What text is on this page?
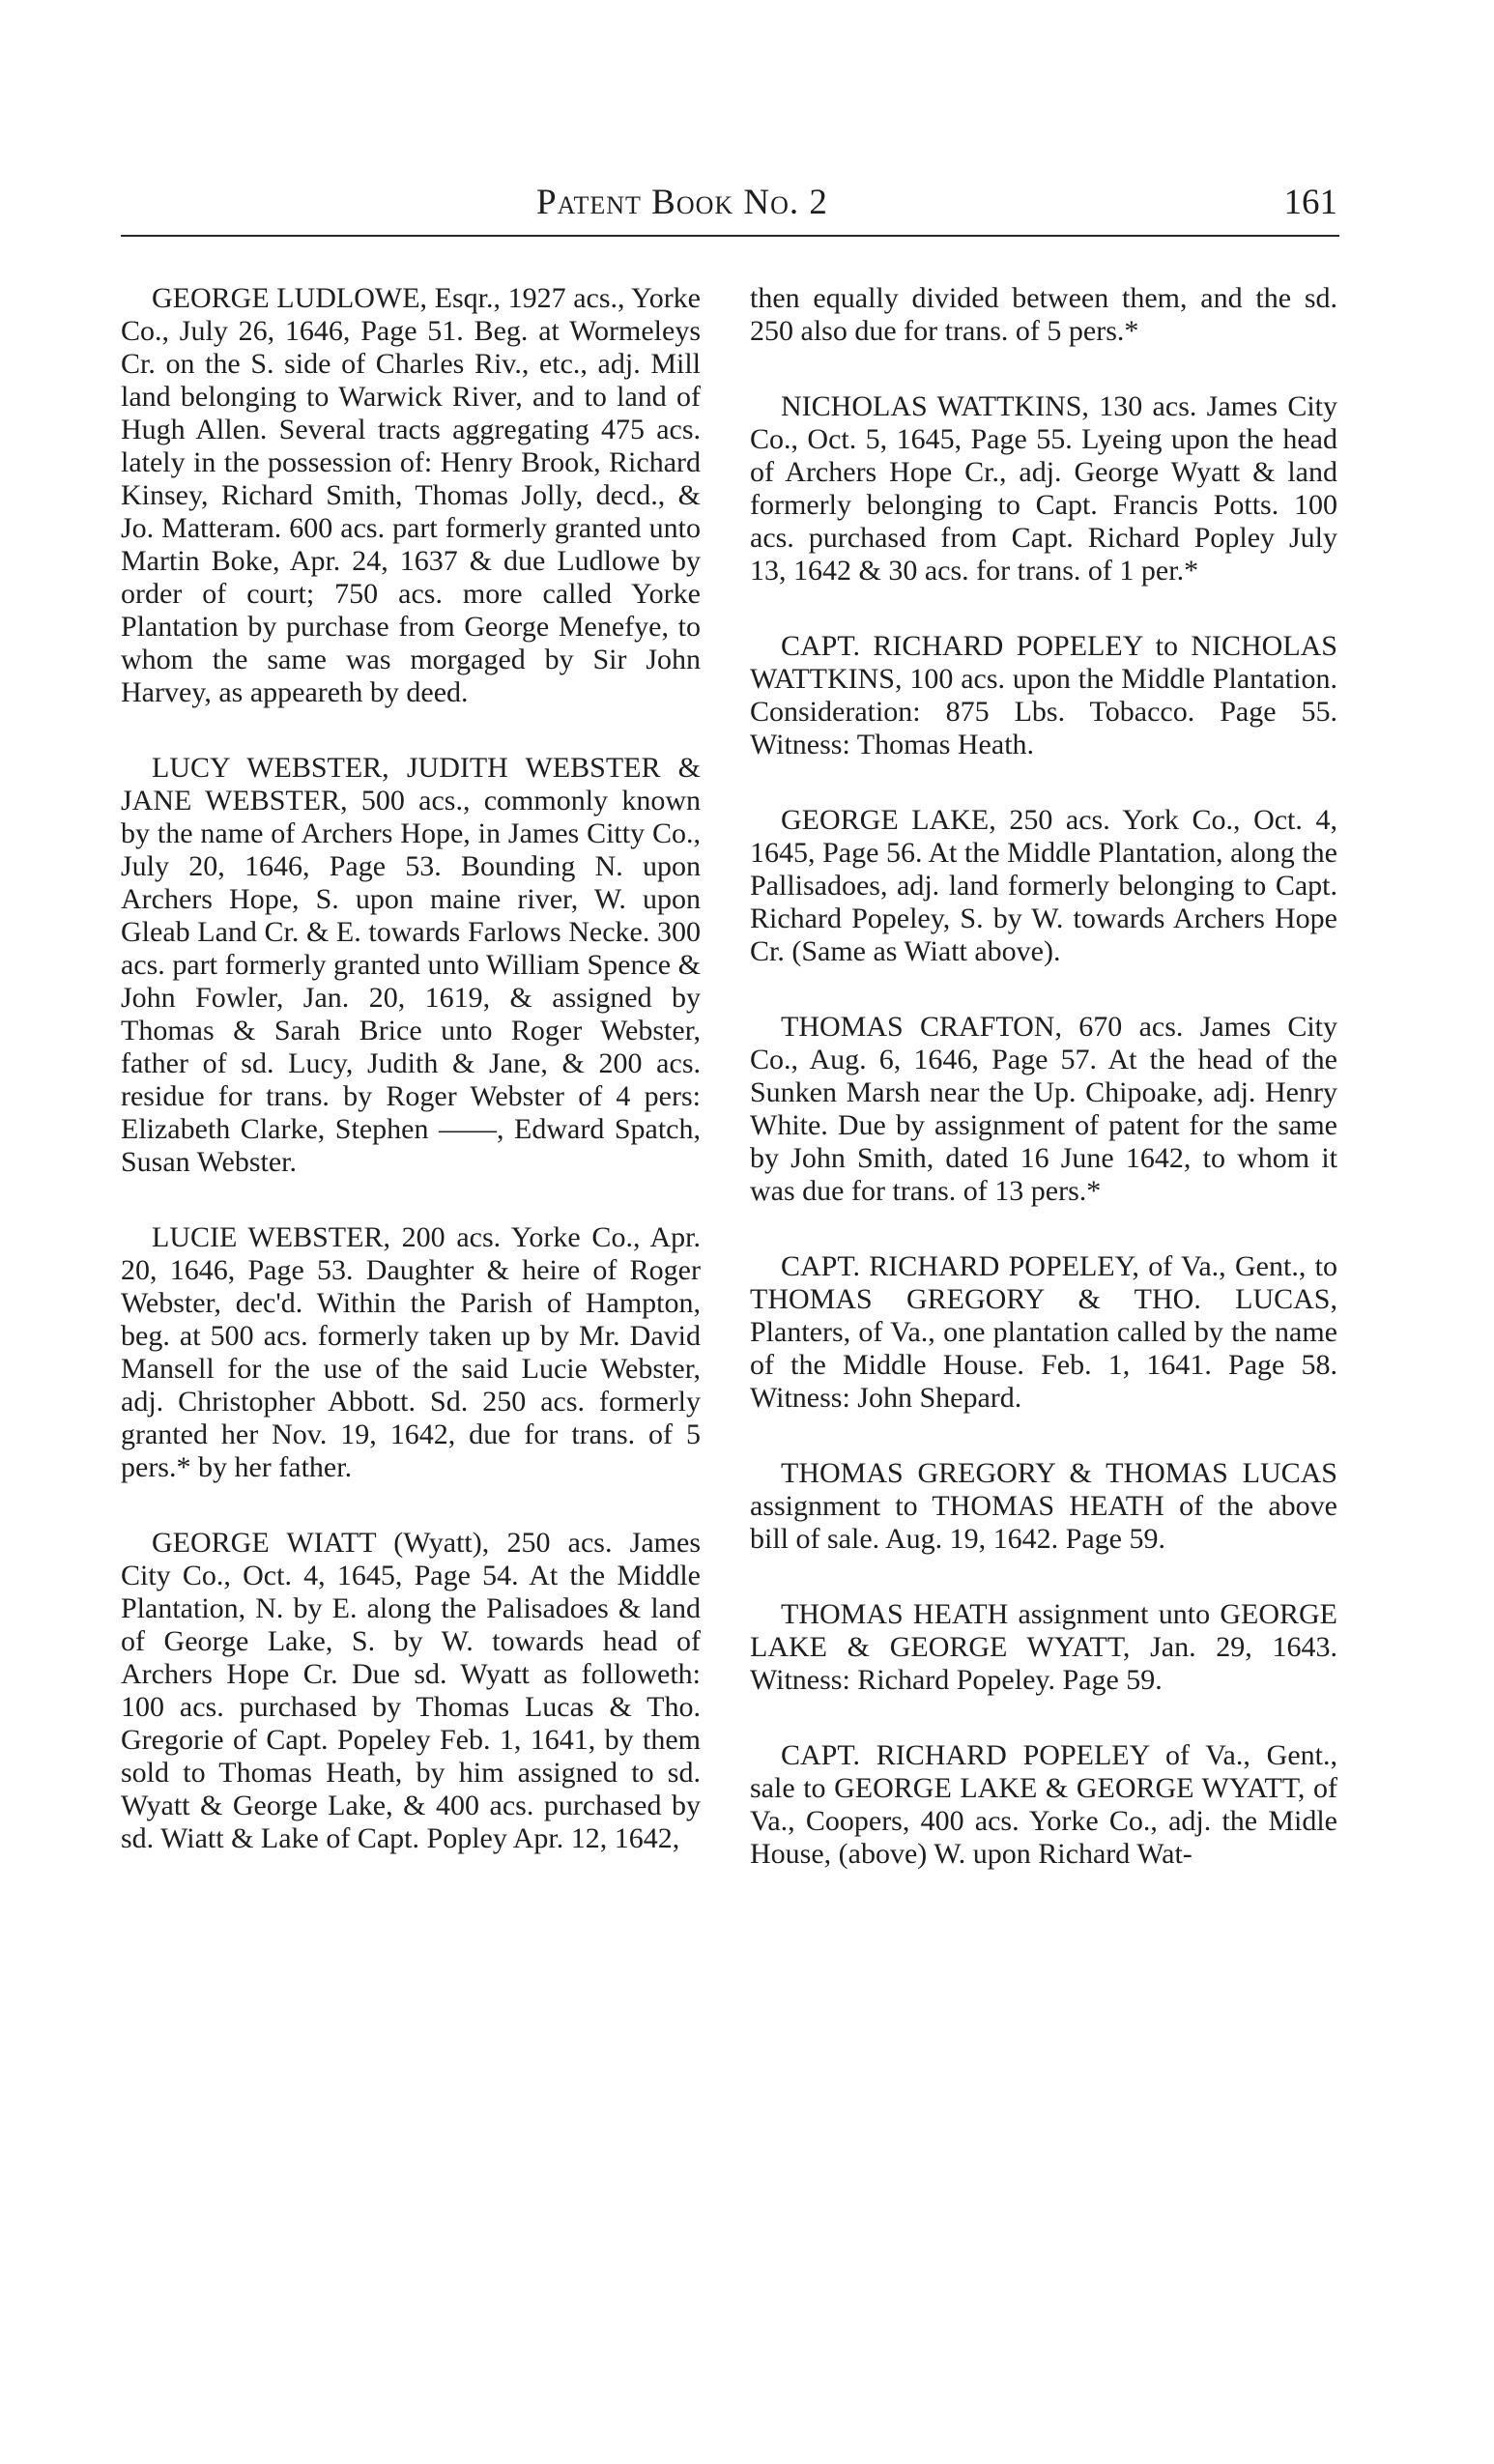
Patent Book No. 2	161

GEORGE LUDLOWE, Esqr., 1927 acs., Yorke Co., July 26, 1646, Page 51. Beg. at Wormeleys Cr. on the S. side of Charles Riv., etc., adj. Mill land belonging to Warwick River, and to land of Hugh Allen. Several tracts aggregating 475 acs. lately in the possession of: Henry Brook, Richard Kinsey, Richard Smith, Thomas Jolly, decd., & Jo. Matteram. 600 acs. part formerly granted unto Martin Boke, Apr. 24, 1637 & due Ludlowe by order of court; 750 acs. more called Yorke Plantation by purchase from George Menefye, to whom the same was morgaged by Sir John Harvey, as appeareth by deed.

LUCY WEBSTER, JUDITH WEBSTER & JANE WEBSTER, 500 acs., commonly known by the name of Archers Hope, in James Citty Co., July 20, 1646, Page 53. Bounding N. upon Archers Hope, S. upon maine river, W. upon Gleab Land Cr. & E. towards Farlows Necke. 300 acs. part formerly granted unto William Spence & John Fowler, Jan. 20, 1619, & assigned by Thomas & Sarah Brice unto Roger Webster, father of sd. Lucy, Judith & Jane, & 200 acs. residue for trans. by Roger Webster of 4 pers: Elizabeth Clarke, Stephen ——, Edward Spatch, Susan Webster.

LUCIE WEBSTER, 200 acs. Yorke Co., Apr. 20, 1646, Page 53. Daughter & heire of Roger Webster, dec'd. Within the Parish of Hampton, beg. at 500 acs. formerly taken up by Mr. David Mansell for the use of the said Lucie Webster, adj. Christopher Abbott. Sd. 250 acs. formerly granted her Nov. 19, 1642, due for trans. of 5 pers.* by her father.

GEORGE WIATT (Wyatt), 250 acs. James City Co., Oct. 4, 1645, Page 54. At the Middle Plantation, N. by E. along the Palisadoes & land of George Lake, S. by W. towards head of Archers Hope Cr. Due sd. Wyatt as followeth: 100 acs. purchased by Thomas Lucas & Tho. Gregorie of Capt. Popeley Feb. 1, 1641, by them sold to Thomas Heath, by him assigned to sd. Wyatt & George Lake, & 400 acs. purchased by sd. Wiatt & Lake of Capt. Popley Apr. 12, 1642,

then equally divided between them, and the sd. 250 also due for trans. of 5 pers.*

NICHOLAS WATTKINS, 130 acs. James City Co., Oct. 5, 1645, Page 55. Lyeing upon the head of Archers Hope Cr., adj. George Wyatt & land formerly belonging to Capt. Francis Potts. 100 acs. purchased from Capt. Richard Popley July 13, 1642 & 30 acs. for trans. of 1 per.*

CAPT. RICHARD POPELEY to NICHOLAS WATTKINS, 100 acs. upon the Middle Plantation. Consideration: 875 Lbs. Tobacco. Page 55. Witness: Thomas Heath.

GEORGE LAKE, 250 acs. York Co., Oct. 4, 1645, Page 56. At the Middle Plantation, along the Pallisadoes, adj. land formerly belonging to Capt. Richard Popeley, S. by W. towards Archers Hope Cr. (Same as Wiatt above).

THOMAS CRAFTON, 670 acs. James City Co., Aug. 6, 1646, Page 57. At the head of the Sunken Marsh near the Up. Chipoake, adj. Henry White. Due by assignment of patent for the same by John Smith, dated 16 June 1642, to whom it was due for trans. of 13 pers.*

CAPT. RICHARD POPELEY, of Va., Gent., to THOMAS GREGORY & THO. LUCAS, Planters, of Va., one plantation called by the name of the Middle House. Feb. 1, 1641. Page 58. Witness: John Shepard.

THOMAS GREGORY & THOMAS LUCAS assignment to THOMAS HEATH of the above bill of sale. Aug. 19, 1642. Page 59.

THOMAS HEATH assignment unto GEORGE LAKE & GEORGE WYATT, Jan. 29, 1643. Witness: Richard Popeley. Page 59.

CAPT. RICHARD POPELEY of Va., Gent., sale to GEORGE LAKE & GEORGE WYATT, of Va., Coopers, 400 acs. Yorke Co., adj. the Midle House, (above) W. upon Richard Wat-
